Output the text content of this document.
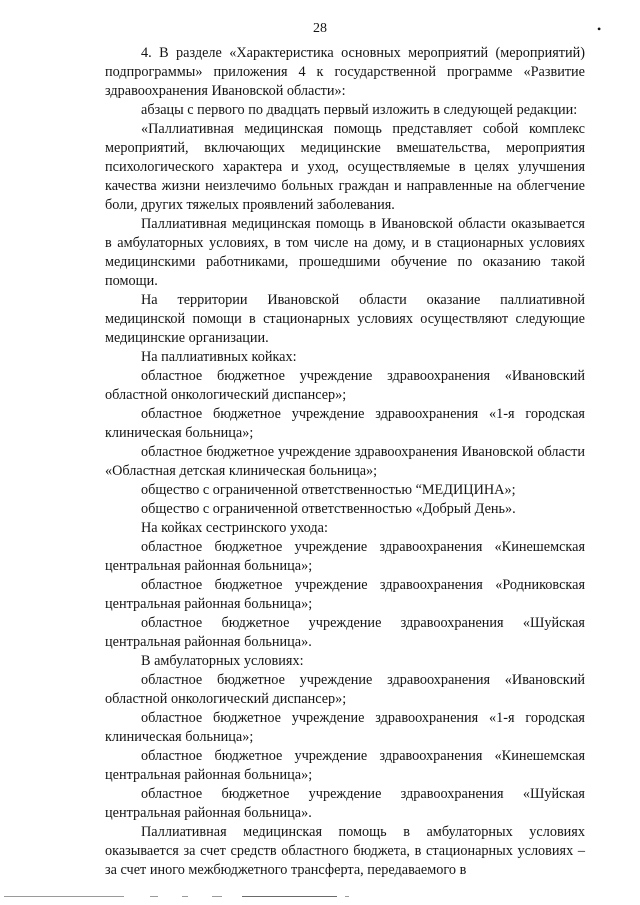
28	•

4. В разделе «Характеристика основных мероприятий (мероприятий) подпрограммы» приложения 4 к государственной программе «Развитие здравоохранения Ивановской области»:

абзацы с первого по двадцать первый изложить в следующей редакции:

«Паллиативная медицинская помощь представляет собой комплекс мероприятий, включающих медицинские вмешательства, мероприятия психологического характера и уход, осуществляемые в целях улучшения качества жизни неизлечимо больных граждан и направленные на облегчение боли, других тяжелых проявлений заболевания.

Паллиативная медицинская помощь в Ивановской области оказывается в амбулаторных условиях, в том числе на дому, и в стационарных условиях медицинскими работниками, прошедшими обучение по оказанию такой помощи.

На территории Ивановской области оказание паллиативной медицинской помощи в стационарных условиях осуществляют следующие медицинские организации.

На паллиативных койках:

областное бюджетное учреждение здравоохранения «Ивановский областной онкологический диспансер»;

областное бюджетное учреждение здравоохранения «1-я городская клиническая больница»;

областное бюджетное учреждение здравоохранения Ивановской области «Областная детская клиническая больница»;

общество с ограниченной ответственностью “МЕДИЦИНА»;

общество с ограниченной ответственностью «Добрый День».

На койках сестринского ухода:

областное бюджетное учреждение здравоохранения «Кинешемская центральная районная больница»;

областное бюджетное учреждение здравоохранения «Родниковская центральная районная больница»;

областное бюджетное учреждение здравоохранения «Шуйская центральная районная больница».

В амбулаторных условиях:

областное бюджетное учреждение здравоохранения «Ивановский областной онкологический диспансер»;

областное бюджетное учреждение здравоохранения «1-я городская клиническая больница»;

областное бюджетное учреждение здравоохранения «Кинешемская центральная районная больница»;

областное бюджетное учреждение здравоохранения «Шуйская центральная районная больница».

Паллиативная медицинская помощь в амбулаторных условиях оказывается за счет средств областного бюджета, в стационарных условиях – за счет иного межбюджетного трансферта, передаваемого в
